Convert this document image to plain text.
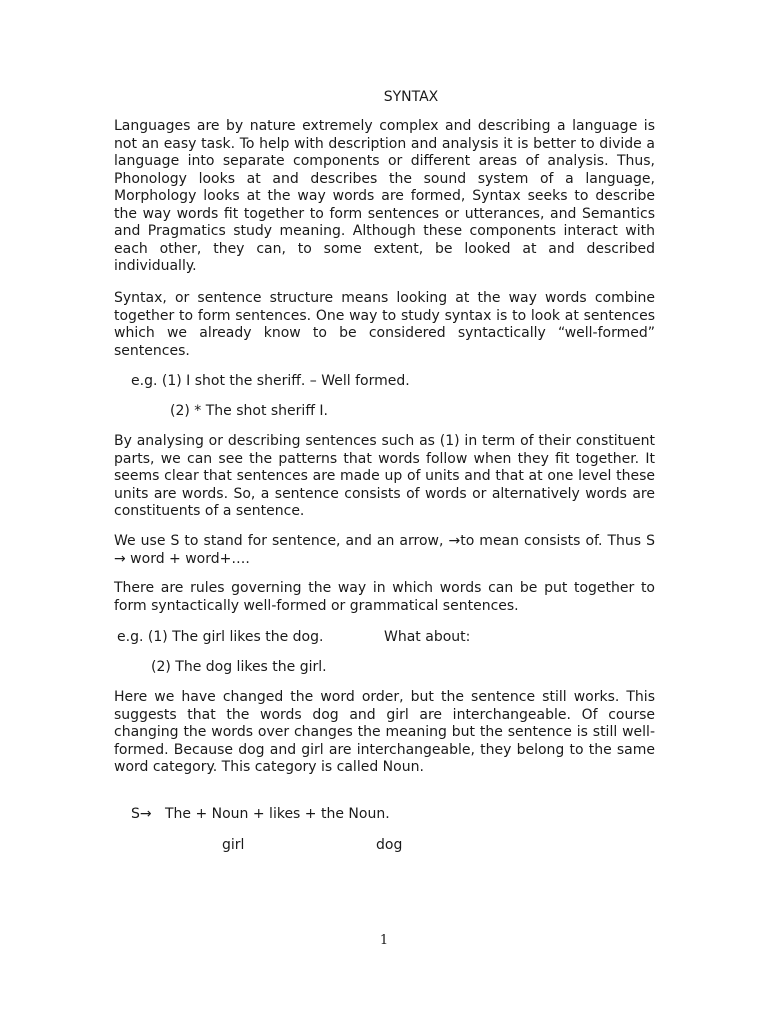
SYNTAX

Languages are by nature extremely complex and describing a language is not an easy task. To help with description and analysis it is better to divide a language into separate components or different areas of analysis. Thus, Phonology looks at and describes the sound system of a language, Morphology looks at the way words are formed, Syntax seeks to describe the way words fit together to form sentences or utterances, and Semantics and Pragmatics study meaning. Although these components interact with each other, they can, to some extent, be looked at and described individually.

Syntax, or sentence structure means looking at the way words combine together to form sentences. One way to study syntax is to look at sentences which we already know to be considered syntactically “well-formed” sentences.

e.g. (1) I shot the sheriff. – Well formed.
(2) * The shot sheriff I.

By analysing or describing sentences such as (1) in term of their constituent parts, we can see the patterns that words follow when they fit together. It seems clear that sentences are made up of units and that at one level these units are words. So, a sentence consists of words or alternatively words are constituents of a sentence.

We use S to stand for sentence, and an arrow, →to mean consists of. Thus S → word + word+….

There are rules governing the way in which words can be put together to form syntactically well-formed or grammatical sentences.

e.g. (1) The girl likes the dog.	What about:
(2) The dog likes the girl.

Here we have changed the word order, but the sentence still works. This suggests that the words dog and girl are interchangeable. Of course changing the words over changes the meaning but the sentence is still well-formed. Because dog and girl are interchangeable, they belong to the same word category. This category is called Noun.

S→   The + Noun + likes + the Noun.
girl	dog
1
